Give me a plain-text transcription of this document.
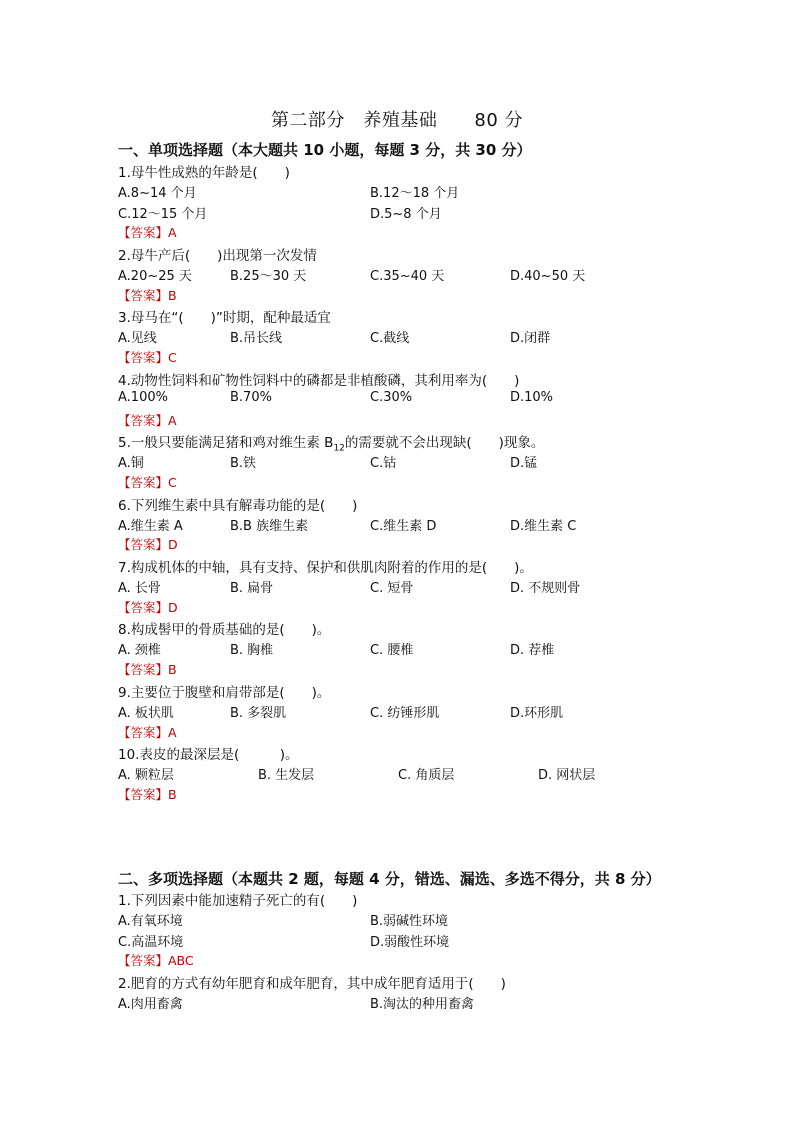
第二部分　养殖基础　　80 分
一、单项选择题（本大题共 10 小题，每题 3 分，共 30 分）
1.母牛性成熟的年龄是(　　)
A.8~14 个月	B.12～18 个月
C.12～15 个月	D.5~8 个月
【答案】A
2.母牛产后(　　)出现第一次发情
A.20~25 天	B.25～30 天	C.35~40 天	D.40~50 天
【答案】B
3.母马在“(　　)”时期，配种最适宜
A.见线	B.吊长线	C.截线	D.闭群
【答案】C
4.动物性饲料和矿物性饲料中的磷都是非植酸磷，其利用率为(　　)
A.100%	B.70%	C.30%	D.10%
【答案】A
5.一般只要能满足猪和鸡对维生素 $B_{12}$的需要就不会出现缺(　　)现象。
A.铜	B.铁	C.钴	D.锰
【答案】C
6.下列维生素中具有解毒功能的是(　　)
A.维生素 A	B.B 族维生素	C.维生素 D	D.维生素 C
【答案】D
7.构成机体的中轴，具有支持、保护和供肌肉附着的作用的是(　　)。
A. 长骨	B. 扁骨	C. 短骨	D. 不规则骨
【答案】D
8.构成髻甲的骨质基础的是(　　)。
A. 颈椎	B. 胸椎	C. 腰椎	D. 荐椎
【答案】B
9.主要位于腹壁和肩带部是(　　)。
A. 板状肌	B. 多裂肌	C. 纺锤形肌	D.环形肌
【答案】A
10.表皮的最深层是(　　　)。
A. 颗粒层	B. 生发层	C. 角质层	D. 网状层
【答案】B
二、多项选择题（本题共 2 题，每题 4 分，错选、漏选、多选不得分，共 8 分）
1.下列因素中能加速精子死亡的有(　　)
A.有氧环境	B.弱碱性环境
C.高温环境	D.弱酸性环境
【答案】ABC
2.肥育的方式有幼年肥育和成年肥育，其中成年肥育适用于(　　)
A.肉用畜禽	B.淘汰的种用畜禽
